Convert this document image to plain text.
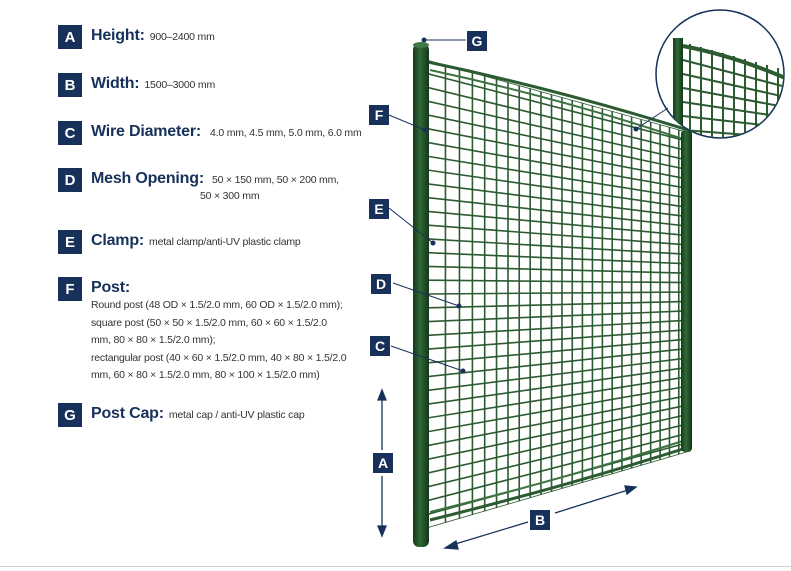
A Height: 900–2400 mm
B Width: 1500–3000 mm
C Wire Diameter: 4.0 mm, 4.5 mm, 5.0 mm, 6.0 mm
D Mesh Opening: 50 × 150 mm, 50 × 200 mm,
50 × 300 mm
E	Clamp: metal clamp/anti-UV plastic clamp
F	Post:
Round post (48 OD × 1.5/2.0 mm, 60 OD × 1.5/2.0 mm);
square post (50 × 50 × 1.5/2.0 mm, 60 × 60 × 1.5/2.0
mm, 80 × 80 × 1.5/2.0 mm);
rectangular post (40 × 60 × 1.5/2.0 mm, 40 × 80 × 1.5/2.0
mm, 60 × 80 × 1.5/2.0 mm, 80 × 100 × 1.5/2.0 mm)
G Post Cap: metal cap / anti-UV plastic cap
G
F
E
D
C
A
B
